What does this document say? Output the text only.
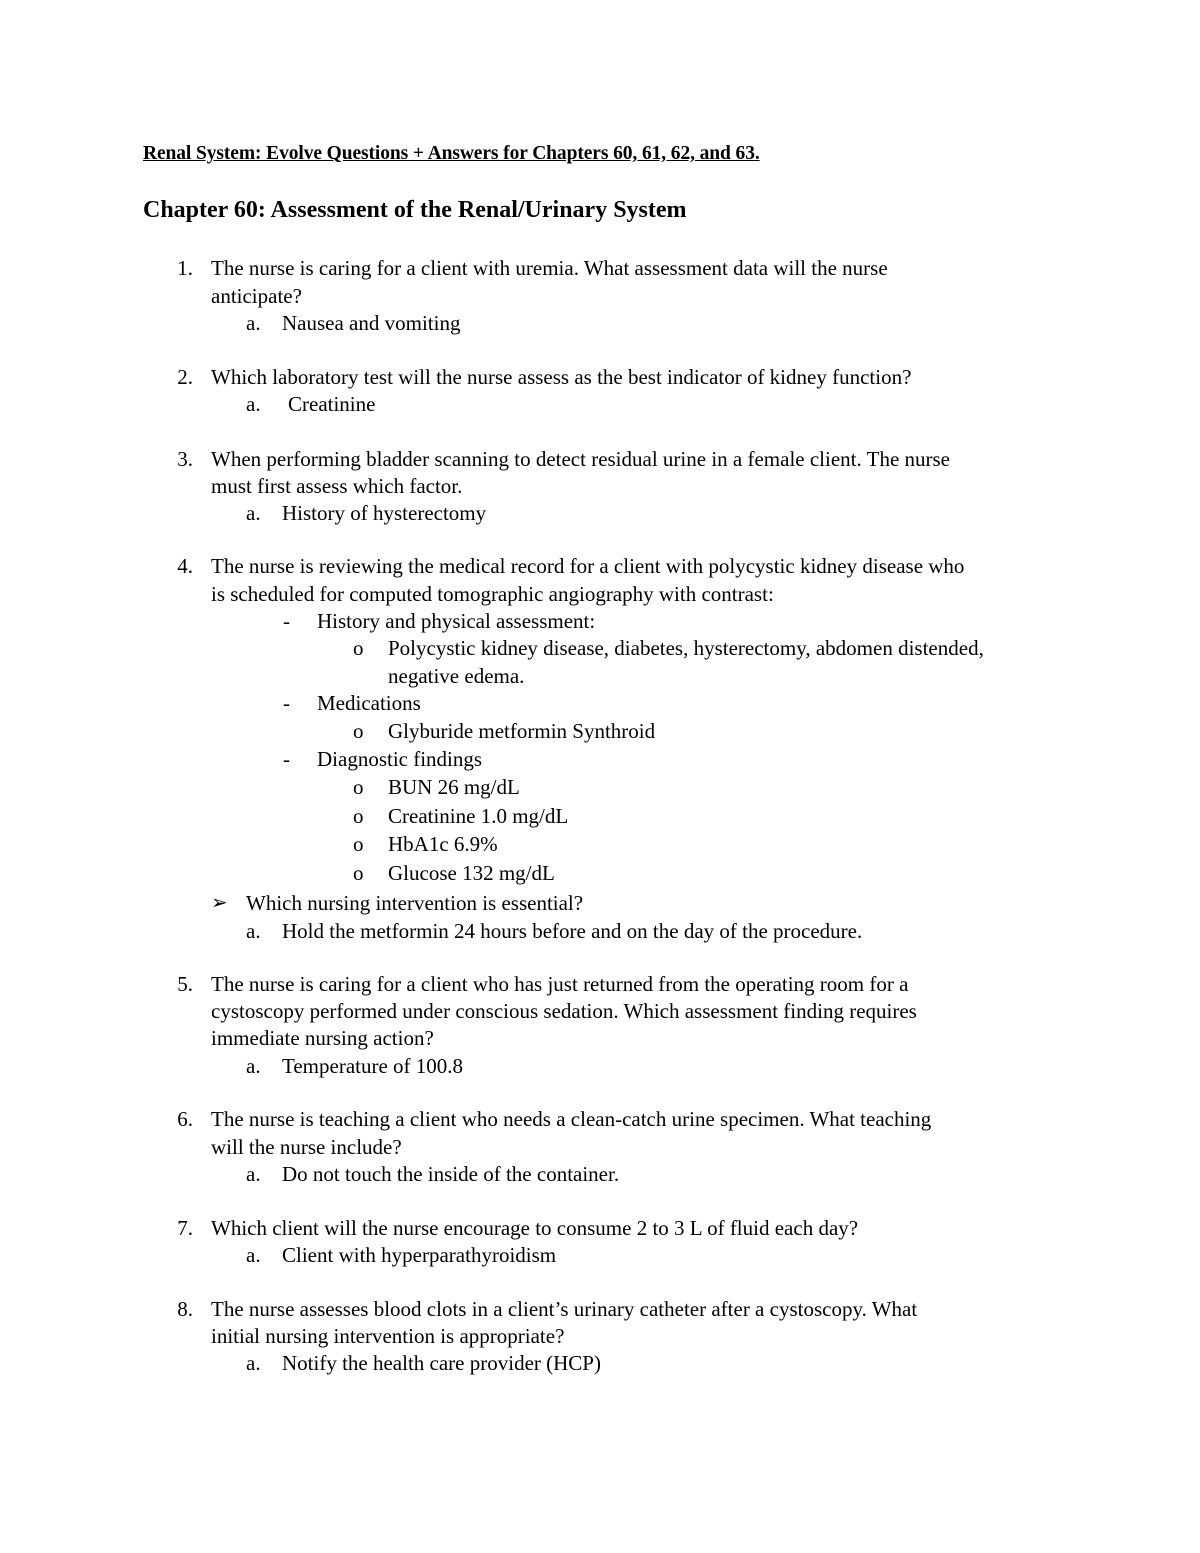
Renal System: Evolve Questions + Answers for Chapters 60, 61, 62, and 63.
Chapter 60: Assessment of the Renal/Urinary System
1. The nurse is caring for a client with uremia. What assessment data will the nurse
anticipate?
a. Nausea and vomiting
2. Which laboratory test will the nurse assess as the best indicator of kidney function?
a. Creatinine
3. When performing bladder scanning to detect residual urine in a female client. The nurse
must first assess which factor.
a. History of hysterectomy
4. The nurse is reviewing the medical record for a client with polycystic kidney disease who
is scheduled for computed tomographic angiography with contrast:
- History and physical assessment:
o Polycystic kidney disease, diabetes, hysterectomy, abdomen distended,
negative edema.
- Medications
o Glyburide metformin Synthroid
- Diagnostic findings
o BUN 26 mg/dL
o Creatinine 1.0 mg/dL
o HbA1c 6.9%
o Glucose 132 mg/dL
➢ Which nursing intervention is essential?
a. Hold the metformin 24 hours before and on the day of the procedure.
5. The nurse is caring for a client who has just returned from the operating room for a
cystoscopy performed under conscious sedation. Which assessment finding requires
immediate nursing action?
a. Temperature of 100.8
6. The nurse is teaching a client who needs a clean-catch urine specimen. What teaching
will the nurse include?
a. Do not touch the inside of the container.
7. Which client will the nurse encourage to consume 2 to 3 L of fluid each day?
a. Client with hyperparathyroidism
8. The nurse assesses blood clots in a client’s urinary catheter after a cystoscopy. What
initial nursing intervention is appropriate?
a. Notify the health care provider (HCP)
